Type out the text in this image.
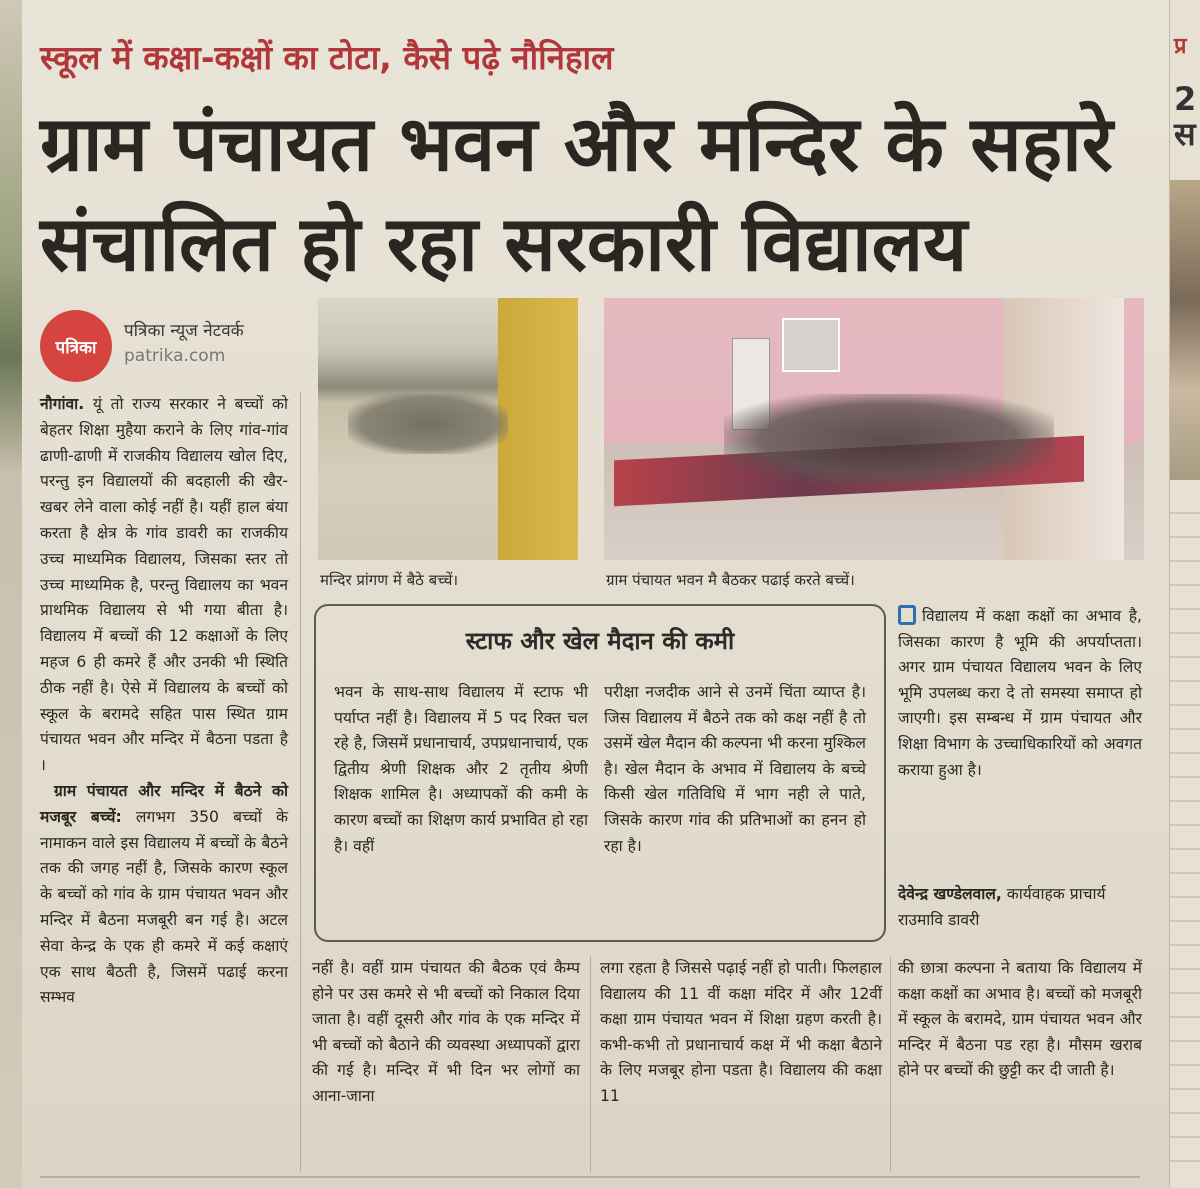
प्र
2 स
स्कूल में कक्षा-कक्षों का टोटा, कैसे पढ़े नौनिहाल
ग्राम पंचायत भवन और मन्दिर के सहारे
संचालित हो रहा सरकारी विद्यालय
पत्रिका
पत्रिका न्यूज नेटवर्क
patrika.com

नौगांवा. यूं तो राज्य सरकार ने बच्चों को बेहतर शिक्षा मुहैया कराने के लिए गांव-गांव ढाणी-ढाणी में राजकीय विद्यालय खोल दिए, परन्तु इन विद्यालयों की बदहाली की खैर-खबर लेने वाला कोई नहीं है। यहीं हाल बंया करता है क्षेत्र के गांव डावरी का राजकीय उच्च माध्यमिक विद्यालय, जिसका स्तर तो उच्च माध्यमिक है, परन्तु विद्यालय का भवन प्राथमिक विद्यालय से भी गया बीता है। विद्यालय में बच्चों की 12 कक्षाओं के लिए महज 6 ही कमरे हैं और उनकी भी स्थिति ठीक नहीं है। ऐसे में विद्यालय के बच्चों को स्कूल के बरामदे सहित पास स्थित ग्राम पंचायत भवन और मन्दिर में बैठना पडता है ।

ग्राम पंचायत और मन्दिर में बैठने को मजबूर बच्चें: लगभग 350 बच्चों के नामाकन वाले इस विद्यालय में बच्चों के बैठने तक की जगह नहीं है, जिसके कारण स्कूल के बच्चों को गांव के ग्राम पंचायत भवन और मन्दिर में बैठना मजबूरी बन गई है। अटल सेवा केन्द्र के एक ही कमरे में कई कक्षाएं एक साथ बैठती है, जिसमें पढाई करना सम्भव

मन्दिर प्रांगण में बैठे बच्चें।	ग्राम पंचायत भवन मै बैठकर पढाई करते बच्चें।
स्टाफ और खेल मैदान की कमी

भवन के साथ-साथ विद्यालय में स्टाफ भी पर्याप्त नहीं है। विद्यालय में 5 पद रिक्त चल रहे है, जिसमें प्रधानाचार्य, उपप्रधानाचार्य, एक द्वितीय श्रेणी शिक्षक और 2 तृतीय श्रेणी शिक्षक शामिल है। अध्यापकों की कमी के कारण बच्चों का शिक्षण कार्य प्रभावित हो रहा है। वहीं

परीक्षा नजदीक आने से उनमें चिंता व्याप्त है। जिस विद्यालय में बैठने तक को कक्ष नहीं है तो उसमें खेल मैदान की कल्पना भी करना मुश्किल है। खेल मैदान के अभाव में विद्यालय के बच्चे किसी खेल गतिविधि में भाग नही ले पाते, जिसके कारण गांव की प्रतिभाओं का हनन हो रहा है।

विद्यालय में कक्षा कक्षों का अभाव है, जिसका कारण है भूमि की अपर्याप्तता। अगर ग्राम पंचायत विद्यालय भवन के लिए भूमि उपलब्ध करा दे तो समस्या समाप्त हो जाएगी। इस सम्बन्ध में ग्राम पंचायत और शिक्षा विभाग के उच्चाधिकारियों को अवगत कराया हुआ है।

देवेन्द्र खण्डेलवाल, कार्यवाहक प्राचार्य राउमावि डावरी

नहीं है। वहीं ग्राम पंचायत की बैठक एवं कैम्प होने पर उस कमरे से भी बच्चों को निकाल दिया जाता है। वहीं दूसरी और गांव के एक मन्दिर में भी बच्चों को बैठाने की व्यवस्था अध्यापकों द्वारा की गई है। मन्दिर में भी दिन भर लोगों का आना-जाना

लगा रहता है जिससे पढ़ाई नहीं हो पाती। फिलहाल विद्यालय की 11 वीं कक्षा मंदिर में और 12वीं कक्षा ग्राम पंचायत भवन में शिक्षा ग्रहण करती है। कभी-कभी तो प्रधानाचार्य कक्ष में भी कक्षा बैठाने के लिए मजबूर होना पडता है। विद्यालय की कक्षा 11

की छात्रा कल्पना ने बताया कि विद्यालय में कक्षा कक्षों का अभाव है। बच्चों को मजबूरी में स्कूल के बरामदे, ग्राम पंचायत भवन और मन्दिर में बैठना पड रहा है। मौसम खराब होने पर बच्चों की छुट्टी कर दी जाती है।
